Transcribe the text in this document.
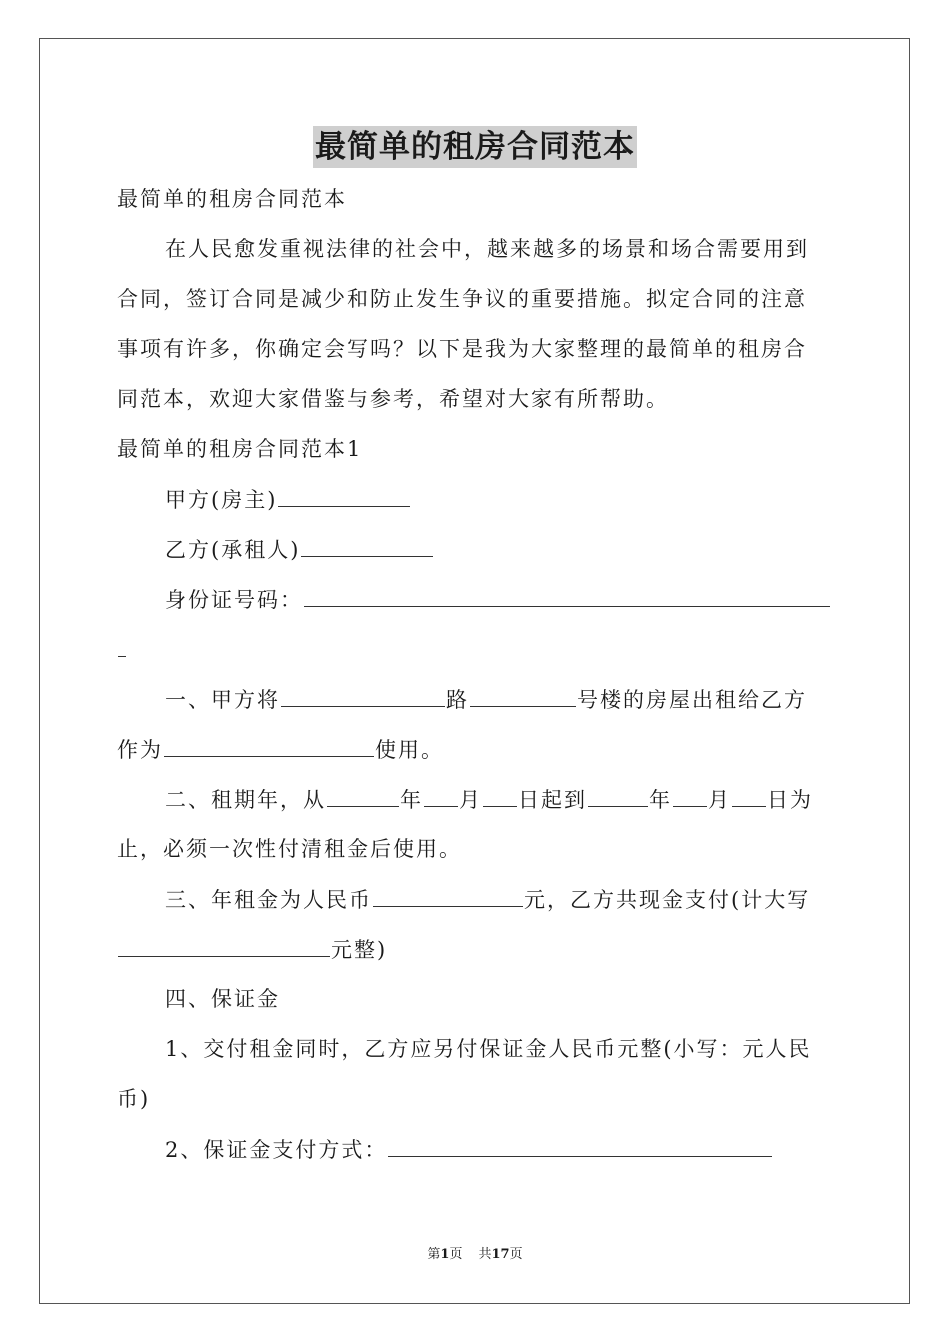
最简单的租房合同范本
最简单的租房合同范本
在人民愈发重视法律的社会中，越来越多的场景和场合需要用到
合同，签订合同是减少和防止发生争议的重要措施。拟定合同的注意
事项有许多，你确定会写吗？以下是我为大家整理的最简单的租房合
同范本，欢迎大家借鉴与参考，希望对大家有所帮助。
最简单的租房合同范本1
甲方(房主)
乙方(承租人)
身份证号码：
一、甲方将	路	号楼的房屋出租给乙方
作为	使用。
二、租期年，从	年 月 日起到	年 月 日为
止，必须一次性付清租金后使用。
三、年租金为人民币	元，乙方共现金支付(计大写
元整)
四、保证金
1、交付租金同时，乙方应另付保证金人民币元整(小写：元人民
币)
2、保证金支付方式：
第1页 共17页
